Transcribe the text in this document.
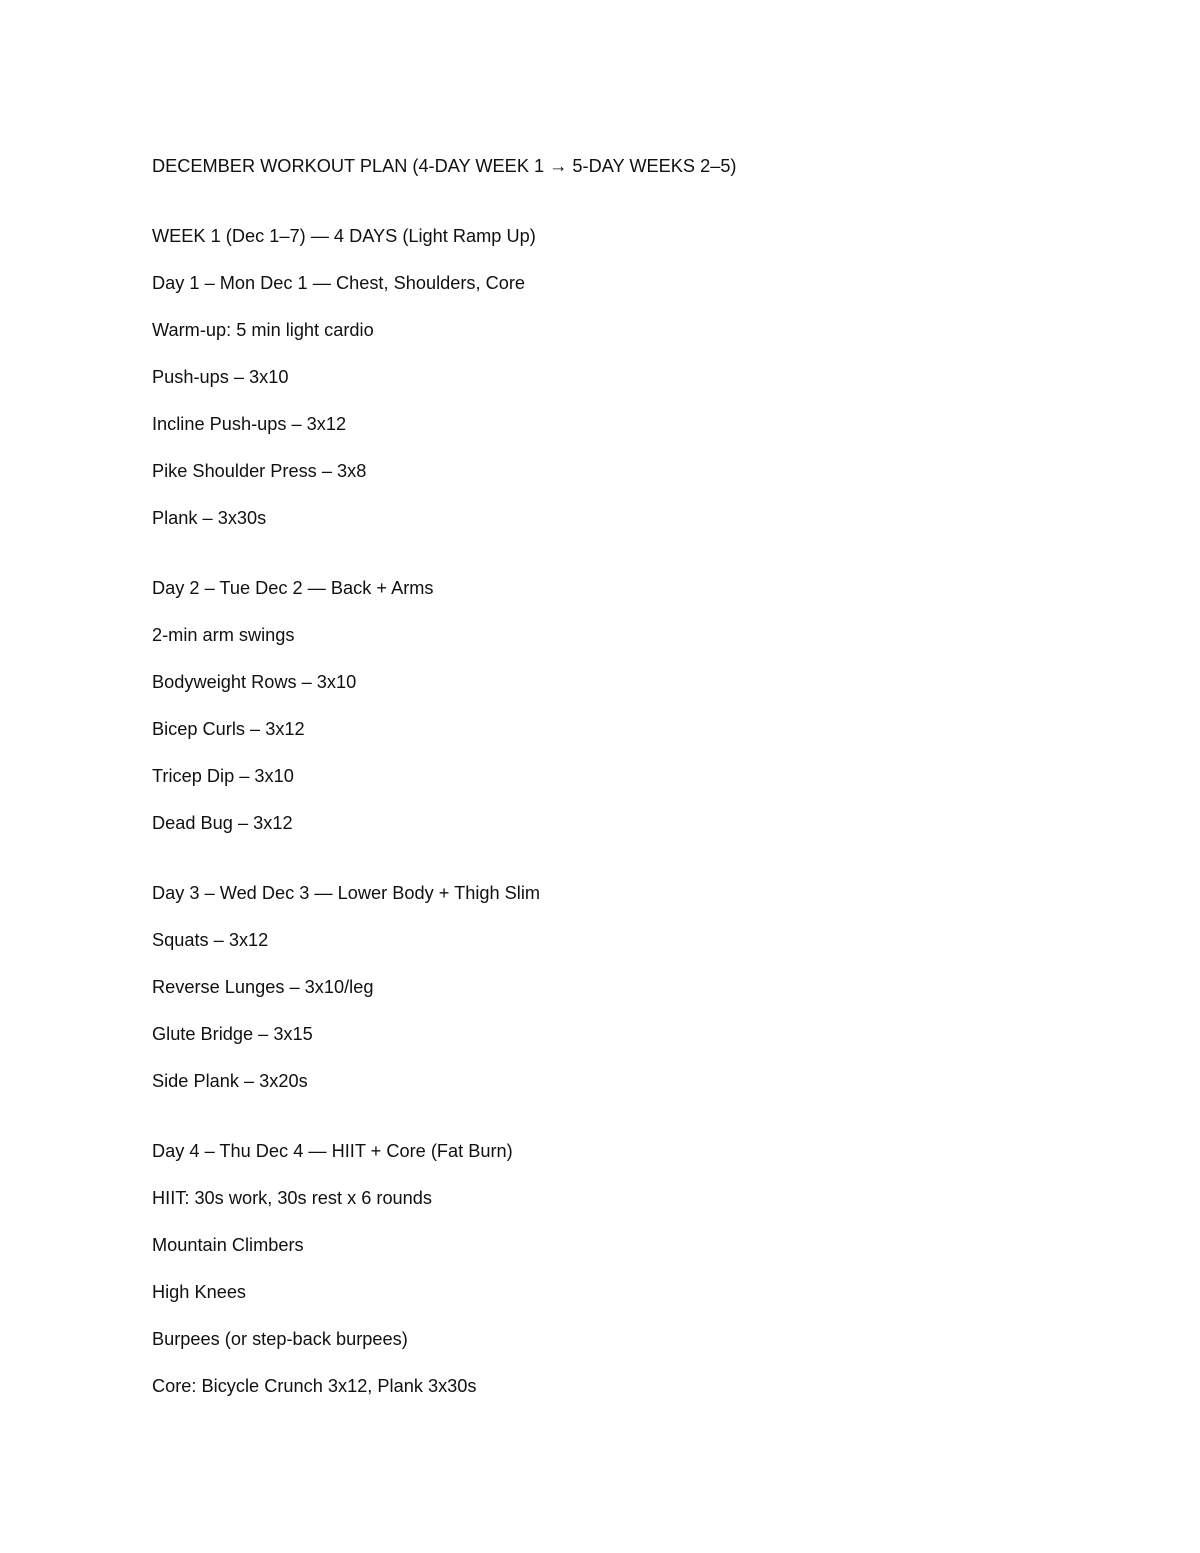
DECEMBER WORKOUT PLAN (4-DAY WEEK 1 → 5-DAY WEEKS 2–5)
WEEK 1 (Dec 1–7) — 4 DAYS (Light Ramp Up)
Day 1 – Mon Dec 1 — Chest, Shoulders, Core
Warm-up: 5 min light cardio
Push-ups – 3x10
Incline Push-ups – 3x12
Pike Shoulder Press – 3x8
Plank – 3x30s
Day 2 – Tue Dec 2 — Back + Arms
2-min arm swings
Bodyweight Rows – 3x10
Bicep Curls – 3x12
Tricep Dip – 3x10
Dead Bug – 3x12
Day 3 – Wed Dec 3 — Lower Body + Thigh Slim
Squats – 3x12
Reverse Lunges – 3x10/leg
Glute Bridge – 3x15
Side Plank – 3x20s
Day 4 – Thu Dec 4 — HIIT + Core (Fat Burn)
HIIT: 30s work, 30s rest x 6 rounds
Mountain Climbers
High Knees
Burpees (or step-back burpees)
Core: Bicycle Crunch 3x12, Plank 3x30s
